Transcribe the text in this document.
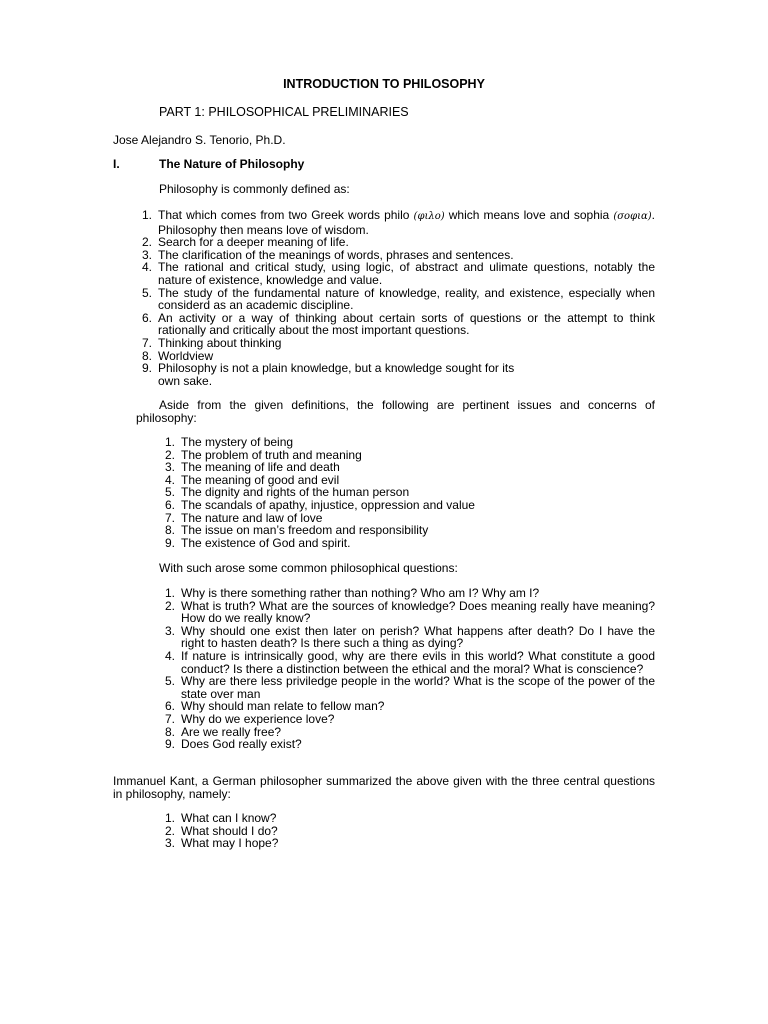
INTRODUCTION TO PHILOSOPHY
PART 1: PHILOSOPHICAL PRELIMINARIES
Jose Alejandro S. Tenorio, Ph.D.
I.	The Nature of Philosophy
Philosophy is commonly defined as:
1. That which comes from two Greek words philo (φιλο) which means love and sophia (σοφια). Philosophy then means love of wisdom.
2. Search for a deeper meaning of life.
3. The clarification of the meanings of words, phrases and sentences.
4. The rational and critical study, using logic, of abstract and ulimate questions, notably the nature of existence, knowledge and value.
5. The study of the fundamental nature of knowledge, reality, and existence, especially when considerd as an academic discipline.
6. An activity or a way of thinking about certain sorts of questions or the attempt to think rationally and critically about the most important questions.
7. Thinking about thinking
8. Worldview
9. Philosophy is not a plain knowledge, but a knowledge sought for its own sake.
Aside from the given definitions, the following are pertinent issues and concerns of philosophy:
1. The mystery of being
2. The problem of truth and meaning
3. The meaning of life and death
4. The meaning of good and evil
5. The dignity and rights of the human person
6. The scandals of apathy, injustice, oppression and value
7. The nature and law of love
8. The issue on man’s freedom and responsibility
9. The existence of God and spirit.
With such arose some common philosophical questions:
1. Why is there something rather than nothing? Who am I? Why am I?
2. What is truth? What are the sources of knowledge? Does meaning really have meaning? How do we really know?
3. Why should one exist then later on perish? What happens after death? Do I have the right to hasten death? Is there such a thing as dying?
4. If nature is intrinsically good, why are there evils in this world? What constitute a good conduct? Is there a distinction between the ethical and the moral? What is conscience?
5. Why are there less priviledge people in the world? What is the scope of the power of the state over man
6. Why should man relate to fellow man?
7. Why do we experience love?
8. Are we really free?
9. Does God really exist?
Immanuel Kant, a German philosopher summarized the above given with the three central questions in philosophy, namely:
1. What can I know?
2. What should I do?
3. What may I hope?
